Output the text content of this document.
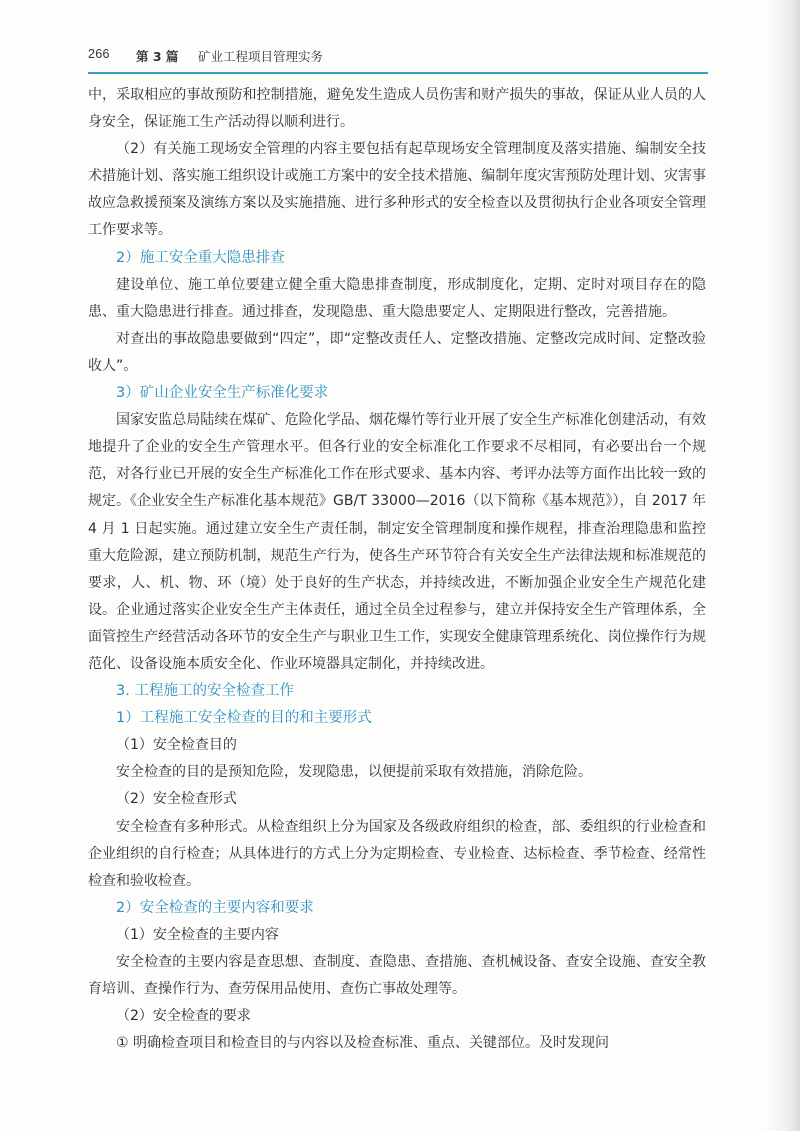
266 第 3 篇 矿业工程项目管理实务

中，采取相应的事故预防和控制措施，避免发生造成人员伤害和财产损失的事故，保证从业人员的人身安全，保证施工生产活动得以顺利进行。

（2）有关施工现场安全管理的内容主要包括有起草现场安全管理制度及落实措施、编制安全技术措施计划、落实施工组织设计或施工方案中的安全技术措施、编制年度灾害预防处理计划、灾害事故应急救援预案及演练方案以及实施措施、进行多种形式的安全检查以及贯彻执行企业各项安全管理工作要求等。

2）施工安全重大隐患排查

建设单位、施工单位要建立健全重大隐患排查制度，形成制度化，定期、定时对项目存在的隐患、重大隐患进行排查。通过排查，发现隐患、重大隐患要定人、定期限进行整改，完善措施。

对查出的事故隐患要做到“四定”，即“定整改责任人、定整改措施、定整改完成时间、定整改验收人”。

3）矿山企业安全生产标准化要求

国家安监总局陆续在煤矿、危险化学品、烟花爆竹等行业开展了安全生产标准化创建活动，有效地提升了企业的安全生产管理水平。但各行业的安全标准化工作要求不尽相同，有必要出台一个规范，对各行业已开展的安全生产标准化工作在形式要求、基本内容、考评办法等方面作出比较一致的规定。《企业安全生产标准化基本规范》GB/T 33000—2016（以下简称《基本规范》），自 2017 年 4 月 1 日起实施。通过建立安全生产责任制，制定安全管理制度和操作规程，排查治理隐患和监控重大危险源，建立预防机制，规范生产行为，使各生产环节符合有关安全生产法律法规和标准规范的要求，人、机、物、环（境）处于良好的生产状态，并持续改进，不断加强企业安全生产规范化建设。企业通过落实企业安全生产主体责任，通过全员全过程参与，建立并保持安全生产管理体系，全面管控生产经营活动各环节的安全生产与职业卫生工作，实现安全健康管理系统化、岗位操作行为规范化、设备设施本质安全化、作业环境器具定制化，并持续改进。

3. 工程施工的安全检查工作

1）工程施工安全检查的目的和主要形式

（1）安全检查目的

安全检查的目的是预知危险，发现隐患，以便提前采取有效措施，消除危险。

（2）安全检查形式

安全检查有多种形式。从检查组织上分为国家及各级政府组织的检查，部、委组织的行业检查和企业组织的自行检查；从具体进行的方式上分为定期检查、专业检查、达标检查、季节检查、经常性检查和验收检查。

2）安全检查的主要内容和要求

（1）安全检查的主要内容

安全检查的主要内容是查思想、查制度、查隐患、查措施、查机械设备、查安全设施、查安全教育培训、查操作行为、查劳保用品使用、查伤亡事故处理等。

（2）安全检查的要求

① 明确检查项目和检查目的与内容以及检查标准、重点、关键部位。及时发现问
